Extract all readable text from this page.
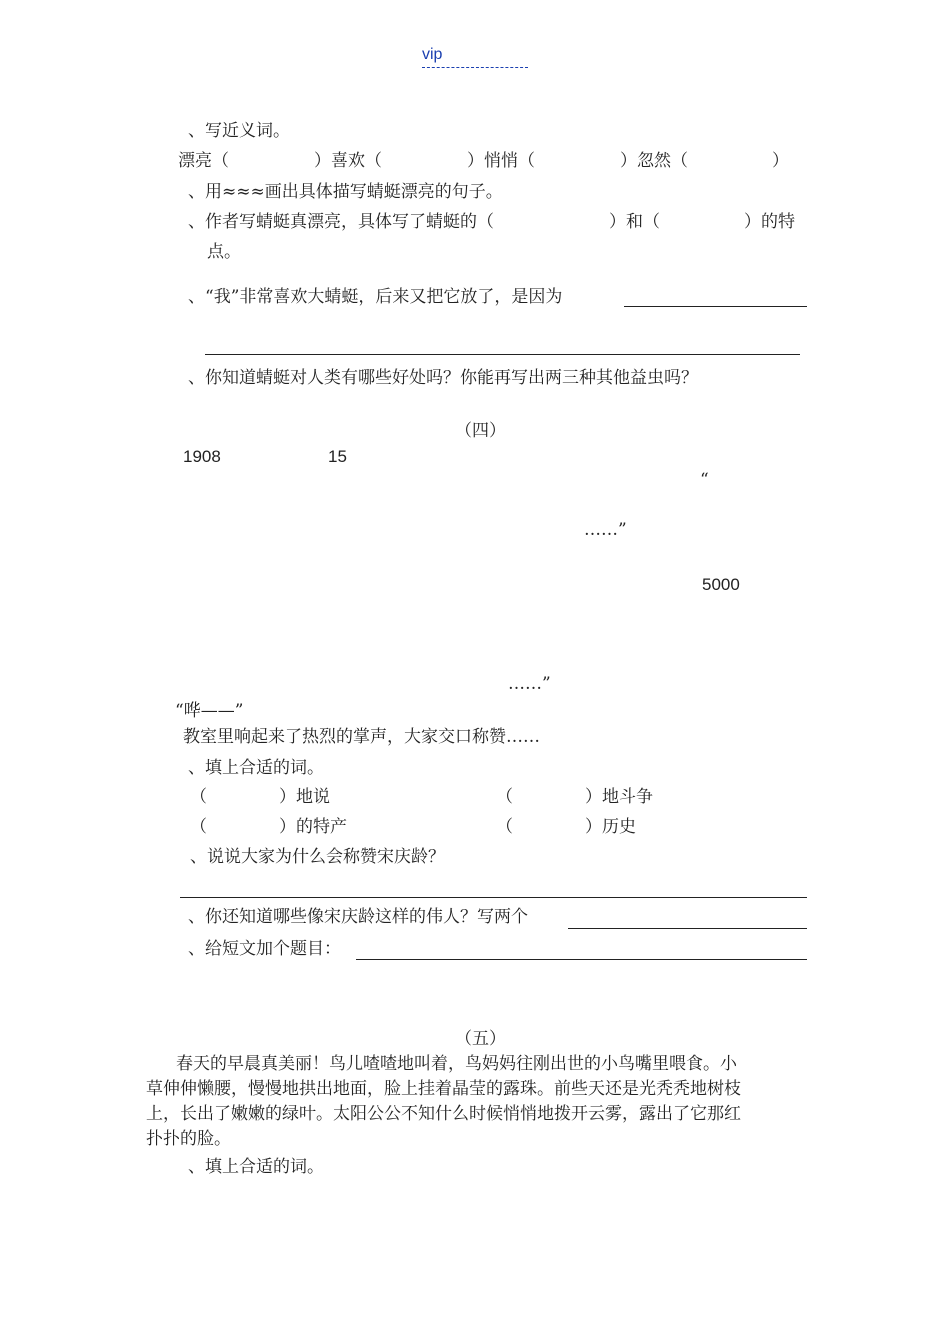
vip
、写近义词。
漂亮（	）喜欢（	）悄悄（	）忽然（	）
、用≈≈≈画出具体描写蜻蜓漂亮的句子。
、作者写蜻蜓真漂亮，具体写了蜻蜓的（	）和（	）的特
点。
、“我”非常喜欢大蜻蜓，后来又把它放了，是因为
、你知道蜻蜓对人类有哪些好处吗？你能再写出两三种其他益虫吗？
（四）
1908	15
“
……”
5000
……”
“哗——”
教室里响起来了热烈的掌声，大家交口称赞……
、填上合适的词。
（	）地说	（	）地斗争
（	）的特产	（	）历史
、说说大家为什么会称赞宋庆龄？
、你还知道哪些像宋庆龄这样的伟人？写两个
、给短文加个题目：
（五）
春天的早晨真美丽！鸟儿喳喳地叫着，鸟妈妈往刚出世的小鸟嘴里喂食。小
草伸伸懒腰，慢慢地拱出地面，脸上挂着晶莹的露珠。前些天还是光秃秃地树枝
上，长出了嫩嫩的绿叶。太阳公公不知什么时候悄悄地拨开云雾，露出了它那红
扑扑的脸。
、填上合适的词。
